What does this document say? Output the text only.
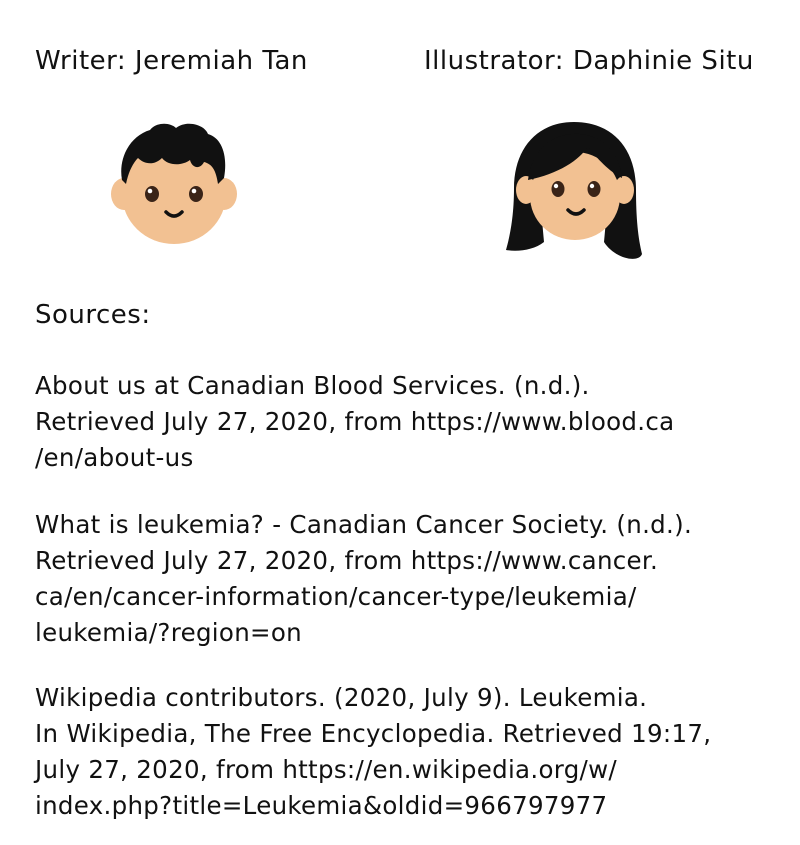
Writer: Jeremiah Tan	Illustrator: Daphinie Situ
Sources:
About us at Canadian Blood Services. (n.d.).
Retrieved July 27, 2020, from https://www.blood.ca
/en/about-us
What is leukemia? - Canadian Cancer Society. (n.d.).
Retrieved July 27, 2020, from https://www.cancer.
ca/en/cancer-information/cancer-type/leukemia/
leukemia/?region=on
Wikipedia contributors. (2020, July 9). Leukemia.
In Wikipedia, The Free Encyclopedia. Retrieved 19:17,
July 27, 2020, from https://en.wikipedia.org/w/
index.php?title=Leukemia&oldid=966797977
